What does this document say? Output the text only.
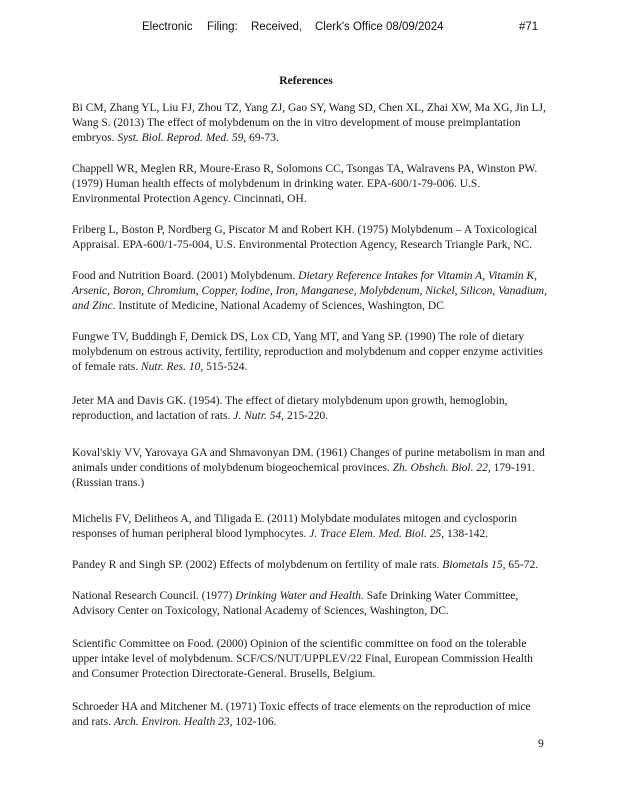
Electronic Filing: Received, Clerk's Office 08/09/2024	#71
References

Bi CM, Zhang YL, Liu FJ, Zhou TZ, Yang ZJ, Gao SY, Wang SD, Chen XL, Zhai XW, Ma XG, Jin LJ, Wang S. (2013) The effect of molybdenum on the in vitro development of mouse preimplantation embryos. Syst. Biol. Reprod. Med. 59, 69-73.

Chappell WR, Meglen RR, Moure-Eraso R, Solomons CC, Tsongas TA, Walravens PA, Winston PW. (1979) Human health effects of molybdenum in drinking water. EPA-600/1-79-006. U.S. Environmental Protection Agency. Cincinnati, OH.

Friberg L, Boston P, Nordberg G, Piscator M and Robert KH. (1975) Molybdenum – A Toxicological Appraisal. EPA-600/1-75-004, U.S. Environmental Protection Agency, Research Triangle Park, NC.

Food and Nutrition Board. (2001) Molybdenum. Dietary Reference Intakes for Vitamin A, Vitamin K, Arsenic, Boron, Chromium, Copper, Iodine, Iron, Manganese, Molybdenum, Nickel, Silicon, Vanadium, and Zinc. Institute of Medicine, National Academy of Sciences, Washington, DC

Fungwe TV, Buddingh F, Demick DS, Lox CD, Yang MT, and Yang SP. (1990) The role of dietary molybdenum on estrous activity, fertility, reproduction and molybdenum and copper enzyme activities of female rats. Nutr. Res. 10, 515-524.

Jeter MA and Davis GK. (1954). The effect of dietary molybdenum upon growth, hemoglobin, reproduction, and lactation of rats. J. Nutr. 54, 215-220.

Koval'skiy VV, Yarovaya GA and Shmavonyan DM. (1961) Changes of purine metabolism in man and animals under conditions of molybdenum biogeochemical provinces. Zh. Obshch. Biol. 22, 179-191. (Russian trans.)

Michelis FV, Delitheos A, and Tiligada E. (2011) Molybdate modulates mitogen and cyclosporin responses of human peripheral blood lymphocytes. J. Trace Elem. Med. Biol. 25, 138-142.

Pandey R and Singh SP. (2002) Effects of molybdenum on fertility of male rats. Biometals 15, 65-72.

National Research Council. (1977) Drinking Water and Health. Safe Drinking Water Committee, Advisory Center on Toxicology, National Academy of Sciences, Washington, DC.

Scientific Committee on Food. (2000) Opinion of the scientific committee on food on the tolerable upper intake level of molybdenum. SCF/CS/NUT/UPPLEV/22 Final, European Commission Health and Consumer Protection Directorate-General. Brusells, Belgium.

Schroeder HA and Mitchener M. (1971) Toxic effects of trace elements on the reproduction of mice and rats. Arch. Environ. Health 23, 102-106.

9
